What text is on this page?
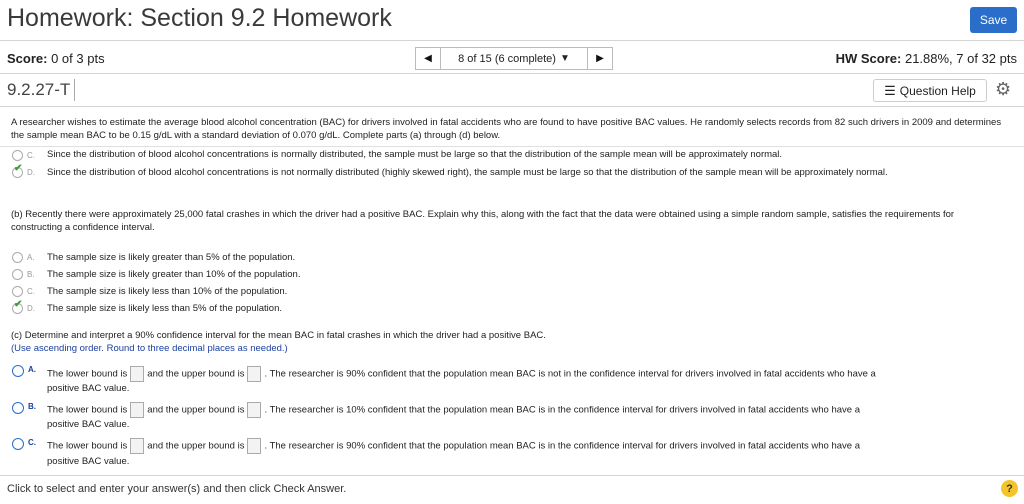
Homework: Section 9.2 Homework	Save
Score: 0 of 3 pts	◀	8 of 15 (6 complete) ▼	▶	HW Score: 21.88%, 7 of 32 pts
9.2.27-T	☰ Question Help ⚙
A researcher wishes to estimate the average blood alcohol concentration (BAC) for drivers involved in fatal accidents who are found to have positive BAC values. He randomly selects records from 82 such drivers in 2009 and determines the sample mean BAC to be 0.15 g/dL with a standard deviation of 0.070 g/dL. Complete parts (a) through (d) below.
C. Since the distribution of blood alcohol concentrations is normally distributed, the sample must be large so that the distribution of the sample mean will be approximately normal.
✔ D. Since the distribution of blood alcohol concentrations is not normally distributed (highly skewed right), the sample must be large so that the distribution of the sample mean will be approximately normal.
(b) Recently there were approximately 25,000 fatal crashes in which the driver had a positive BAC. Explain why this, along with the fact that the data were obtained using a simple random sample, satisfies the requirements for constructing a confidence interval.
A. The sample size is likely greater than 5% of the population.
B. The sample size is likely greater than 10% of the population.
C. The sample size is likely less than 10% of the population.
✔ D. The sample size is likely less than 5% of the population.
(c) Determine and interpret a 90% confidence interval for the mean BAC in fatal crashes in which the driver had a positive BAC.
(Use ascending order. Round to three decimal places as needed.)
A. The lower bound is and the upper bound is . The researcher is 90% confident that the population mean BAC is not in the confidence interval for drivers involved in fatal accidents who have a
positive BAC value.
B. The lower bound is and the upper bound is . The researcher is 10% confident that the population mean BAC is in the confidence interval for drivers involved in fatal accidents who have a
positive BAC value.
C. The lower bound is and the upper bound is . The researcher is 90% confident that the population mean BAC is in the confidence interval for drivers involved in fatal accidents who have a
positive BAC value.
Click to select and enter your answer(s) and then click Check Answer.	?
